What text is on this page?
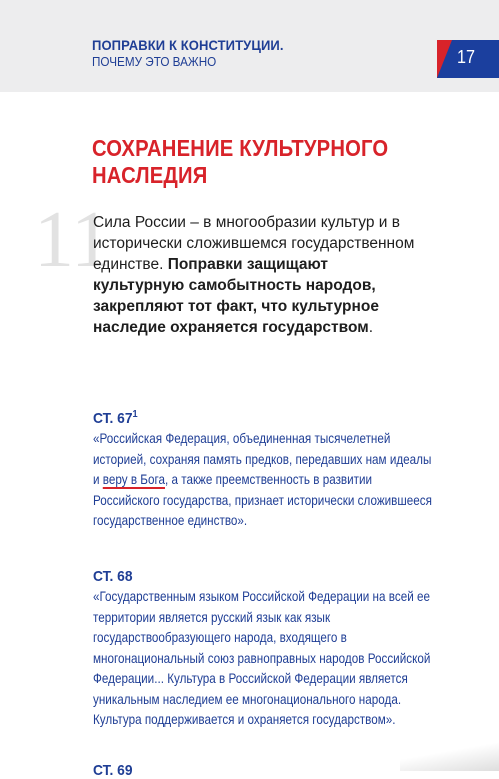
ПОПРАВКИ К КОНСТИТУЦИИ.
ПОЧЕМУ ЭТО ВАЖНО	17
СОХРАНЕНИЕ КУЛЬТУРНОГО НАСЛЕДИЯ
11
Сила России – в многообразии культур и в исторически сложившемся государственном единстве. Поправки защищают культурную самобытность народов, закрепляют тот факт, что культурное наследие охраняется государством.
СТ. $67^1$
«Российская Федерация, объединенная тысячелетней историей, сохраняя память предков, передавших нам идеалы и веру в Бога, а также преемственность в развитии Российского государства, признает исторически сложившееся государственное единство».
СТ. 68
«Государственным языком Российской Федерации на всей ее территории является русский язык как язык государствообразующего народа, входящего в многонациональный союз равноправных народов Российской Федерации... Культура в Российской Федерации является уникальным наследием ее многонационального народа. Культура поддерживается и охраняется государством».
СТ. 69
